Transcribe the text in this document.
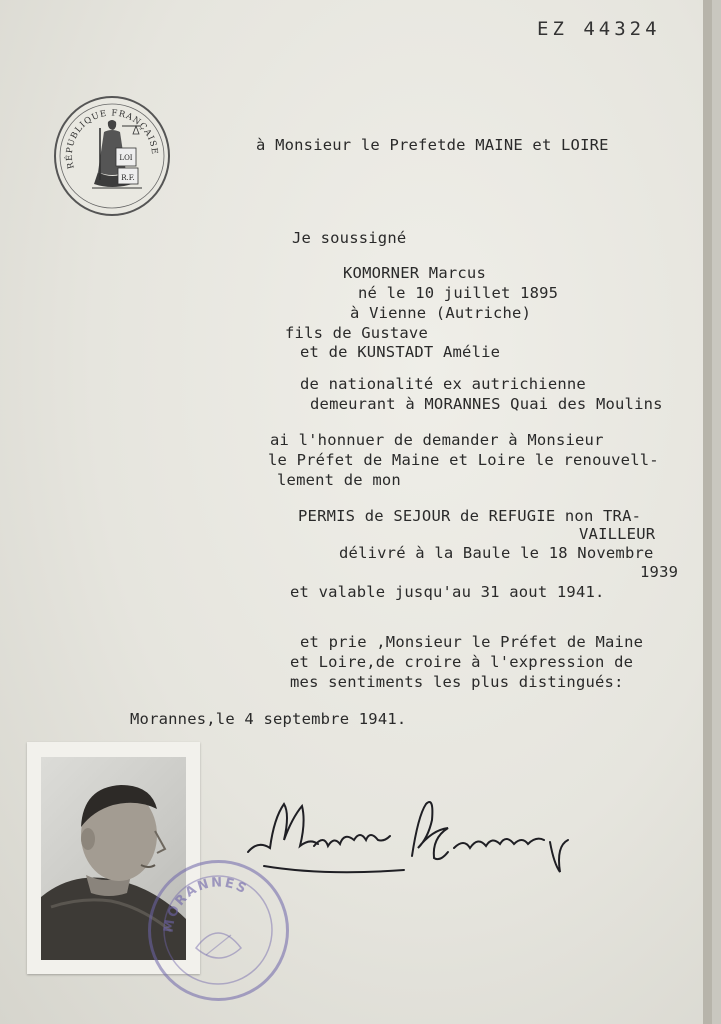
EZ 44324
RÉPUBLIQUE FRANÇAISE
LOI
R.F.
à Monsieur le Prefetde MAINE et LOIRE
Je soussigné
KOMORNER Marcus
né le 10 juillet 1895
à Vienne (Autriche)
fils de Gustave
et de KUNSTADT Amélie
de nationalité ex autrichienne
demeurant à MORANNES Quai des Moulins
ai l'honnuer de demander à Monsieur
le Préfet de Maine et Loire le renouvell-
lement de mon
PERMIS de SEJOUR de REFUGIE non TRA-
VAILLEUR
délivré à la Baule le 18 Novembre
1939
et valable jusqu'au 31 aout 1941.
et prie ,Monsieur le Préfet de Maine
et Loire,de croire à l'expression de
mes sentiments les plus distingués:
Morannes,le 4 septembre 1941.
MORANNES
